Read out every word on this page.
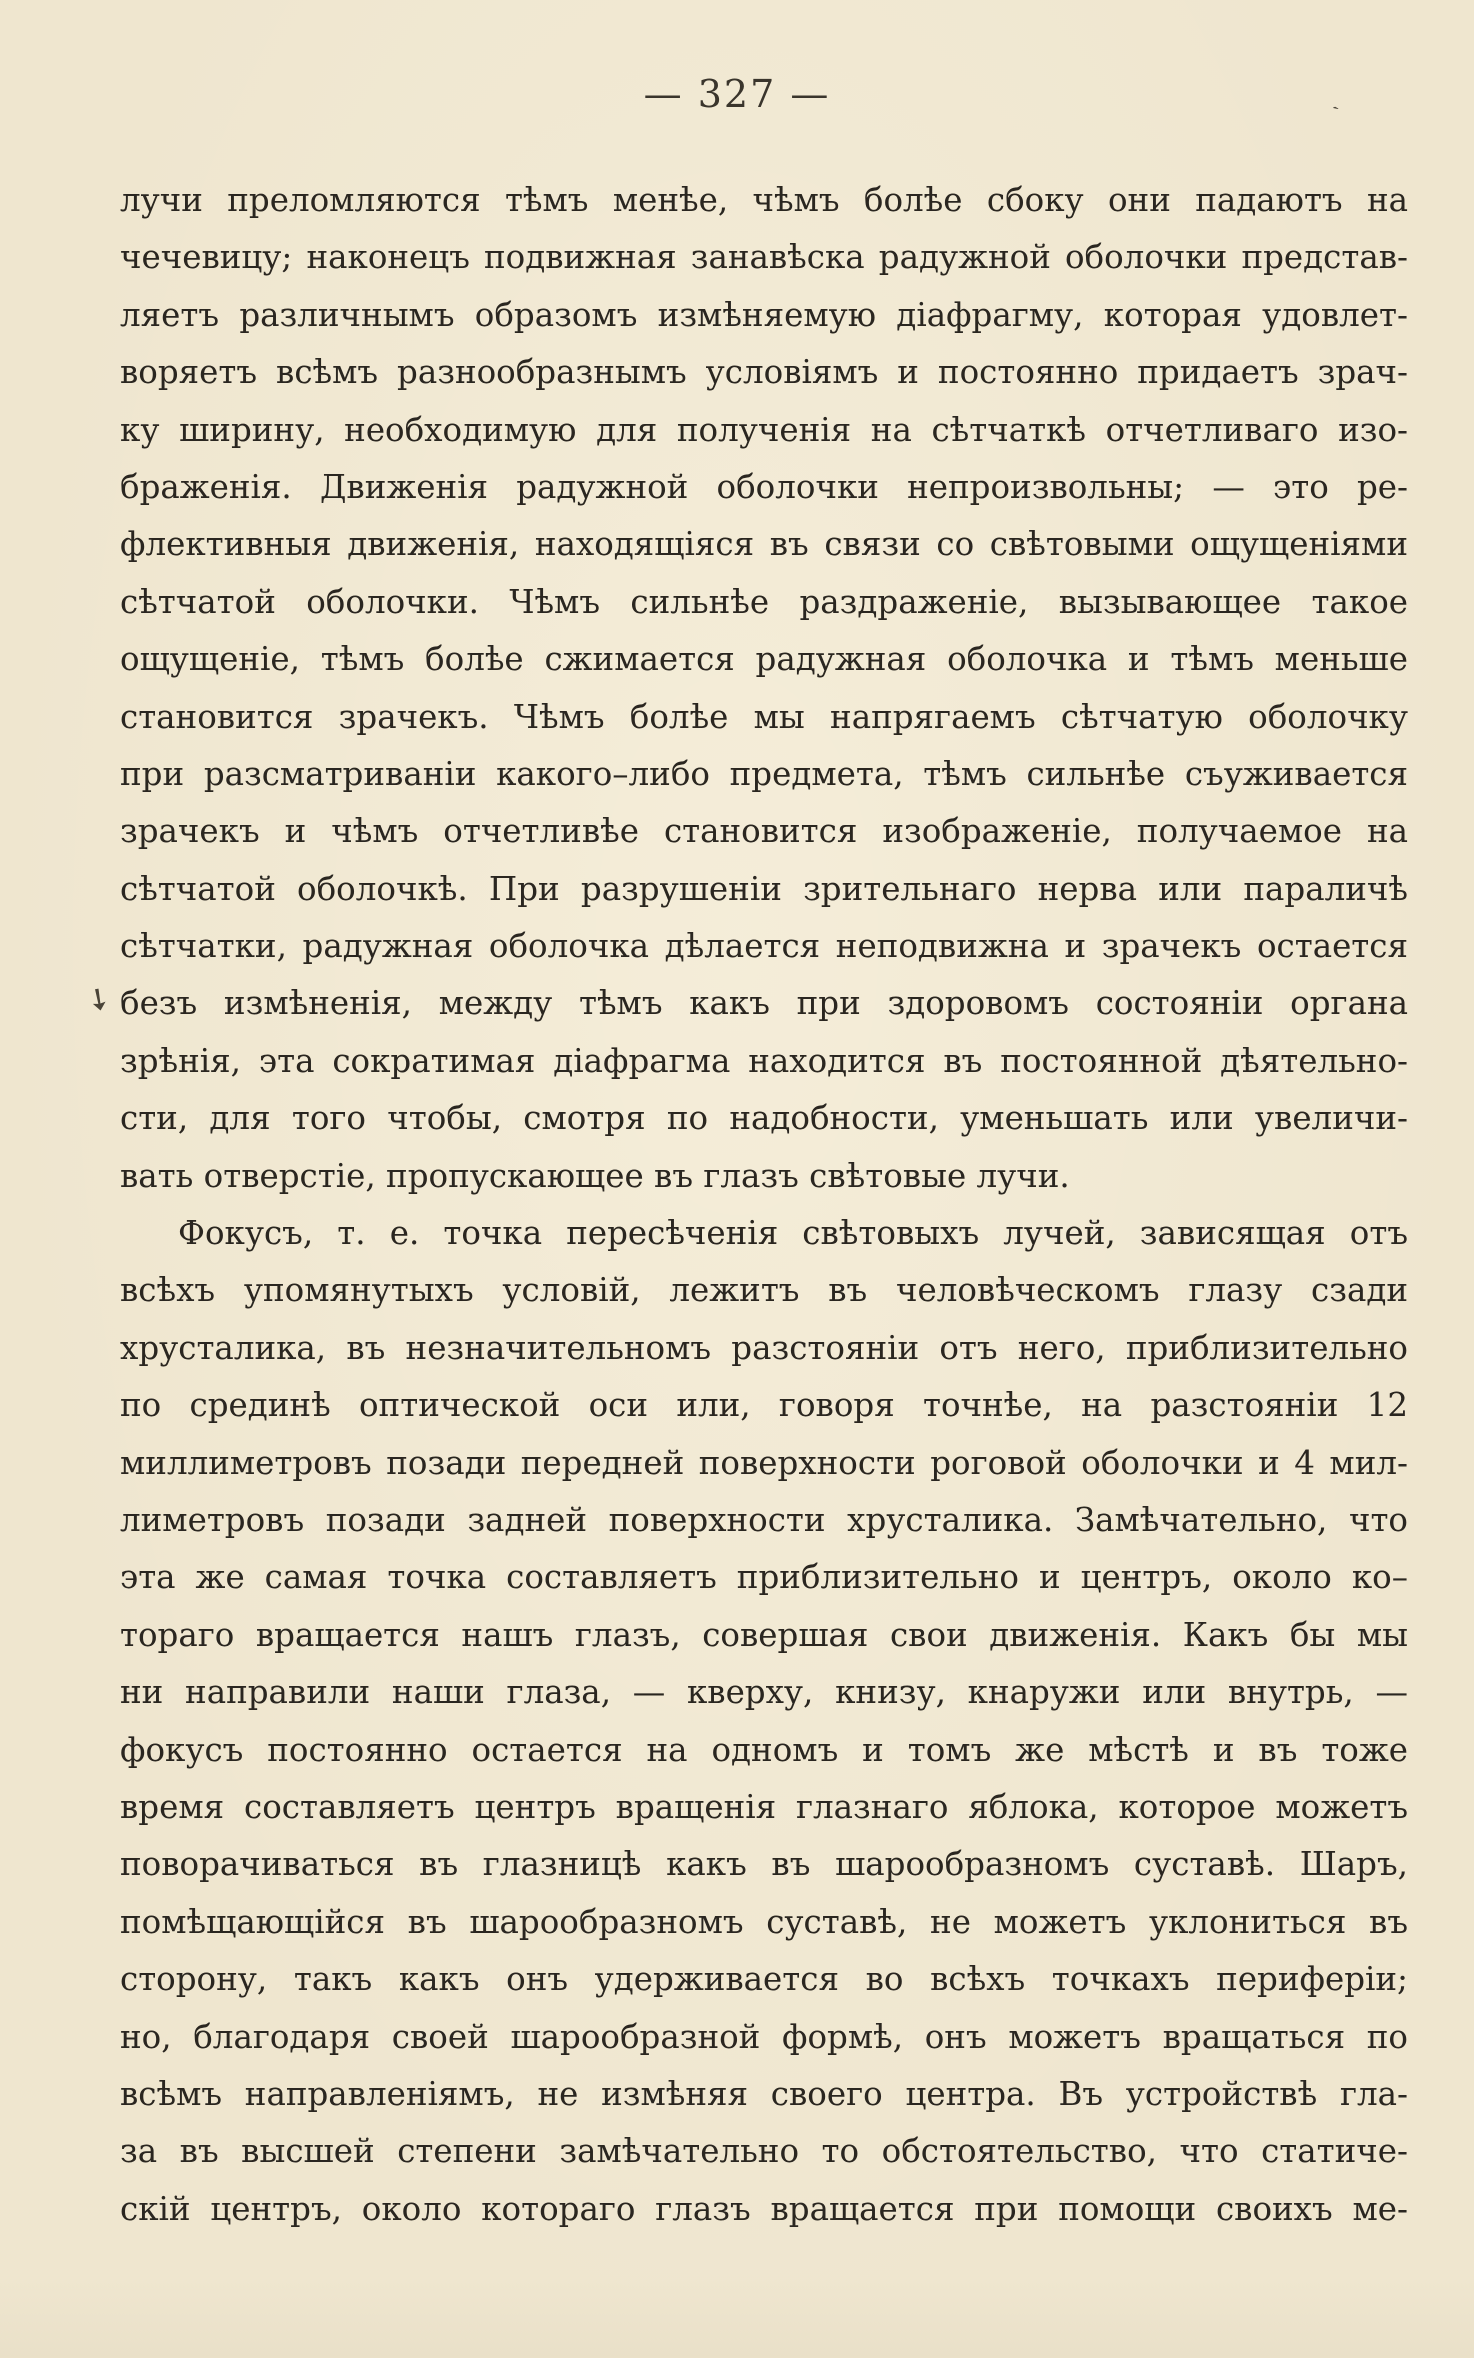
— 327 —	ˏ
➘
лучи преломляются тѣмъ менѣе, чѣмъ болѣе сбоку они падаютъ на
чечевицу; наконецъ подвижная занавѣска радужной оболочки представ-
ляетъ различнымъ образомъ измѣняемую діафрагму, которая удовлет-
воряетъ всѣмъ разнообразнымъ условіямъ и постоянно придаетъ зрач-
ку ширину, необходимую для полученія на сѣтчаткѣ отчетливаго изо-
браженія. Движенія радужной оболочки непроизвольны; — это ре-
флективныя движенія, находящіяся въ связи со свѣтовыми ощущеніями
сѣтчатой оболочки. Чѣмъ сильнѣе раздраженіе, вызывающее такое
ощущеніе, тѣмъ болѣе сжимается радужная оболочка и тѣмъ меньше
становится зрачекъ. Чѣмъ болѣе мы напрягаемъ сѣтчатую оболочку
при разсматриваніи какого–либо предмета, тѣмъ сильнѣе съуживается
зрачекъ и чѣмъ отчетливѣе становится изображеніе, получаемое на
сѣтчатой оболочкѣ. При разрушеніи зрительнаго нерва или параличѣ
сѣтчатки, радужная оболочка дѣлается неподвижна и зрачекъ остается
безъ измѣненія, между тѣмъ какъ при здоровомъ состояніи органа
зрѣнія, эта сократимая діафрагма находится въ постоянной дѣятельно-
сти, для того чтобы, смотря по надобности, уменьшать или увеличи-
вать отверстіе, пропускающее въ глазъ свѣтовые лучи.
Фокусъ, т. е. точка пересѣченія свѣтовыхъ лучей, зависящая отъ
всѣхъ упомянутыхъ условій, лежитъ въ человѣческомъ глазу сзади
хрусталика, въ незначительномъ разстояніи отъ него, приблизительно
по срединѣ оптической оси или, говоря точнѣе, на разстояніи 12
миллиметровъ позади передней поверхности роговой оболочки и 4 мил-
лиметровъ позади задней поверхности хрусталика. Замѣчательно, что
эта же самая точка составляетъ приблизительно и центръ, около ко–
тораго вращается нашъ глазъ, совершая свои движенія. Какъ бы мы
ни направили наши глаза, — кверху, книзу, кнаружи или внутрь, —
фокусъ постоянно остается на одномъ и томъ же мѣстѣ и въ тоже
время составляетъ центръ вращенія глазнаго яблока, которое можетъ
поворачиваться въ глазницѣ какъ въ шарообразномъ суставѣ. Шаръ,
помѣщающійся въ шарообразномъ суставѣ, не можетъ уклониться въ
сторону, такъ какъ онъ удерживается во всѣхъ точкахъ периферіи;
но, благодаря своей шарообразной формѣ, онъ можетъ вращаться по
всѣмъ направленіямъ, не измѣняя своего центра. Въ устройствѣ гла-
за въ высшей степени замѣчательно то обстоятельство, что статиче-
скій центръ, около котораго глазъ вращается при помощи своихъ ме-
